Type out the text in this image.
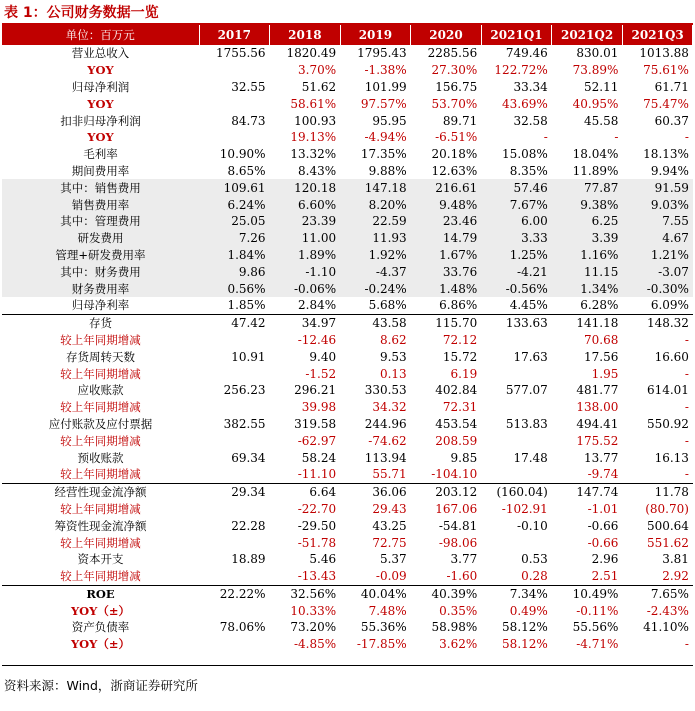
表 1：公司财务数据一览
单位：百万元	2017	2018	2019	2020	2021Q1	2021Q2	2021Q3
营业总收入	1755.56	1820.49	1795.43	2285.56	749.46	830.01	1013.88
YOY		3.70%	-1.38%	27.30%	122.72%	73.89%	75.61%
归母净利润	32.55	51.62	101.99	156.75	33.34	52.11	61.71
YOY		58.61%	97.57%	53.70%	43.69%	40.95%	75.47%
扣非归母净利润	84.73	100.93	95.95	89.71	32.58	45.58	60.37
YOY		19.13%	-4.94%	-6.51%	-	-	-
毛利率	10.90%	13.32%	17.35%	20.18%	15.08%	18.04%	18.13%
期间费用率	8.65%	8.43%	9.88%	12.63%	8.35%	11.89%	9.94%
其中：销售费用	109.61	120.18	147.18	216.61	57.46	77.87	91.59
销售费用率	6.24%	6.60%	8.20%	9.48%	7.67%	9.38%	9.03%
其中：管理费用	25.05	23.39	22.59	23.46	6.00	6.25	7.55
研发费用	7.26	11.00	11.93	14.79	3.33	3.39	4.67
管理+研发费用率	1.84%	1.89%	1.92%	1.67%	1.25%	1.16%	1.21%
其中：财务费用	9.86	-1.10	-4.37	33.76	-4.21	11.15	-3.07
财务费用率	0.56%	-0.06%	-0.24%	1.48%	-0.56%	1.34%	-0.30%
归母净利率	1.85%	2.84%	5.68%	6.86%	4.45%	6.28%	6.09%
存货	47.42	34.97	43.58	115.70	133.63	141.18	148.32
较上年同期增减		-12.46	8.62	72.12		70.68	-
存货周转天数	10.91	9.40	9.53	15.72	17.63	17.56	16.60
较上年同期增减		-1.52	0.13	6.19		1.95	-
应收账款	256.23	296.21	330.53	402.84	577.07	481.77	614.01
较上年同期增减		39.98	34.32	72.31		138.00	-
应付账款及应付票据	382.55	319.58	244.96	453.54	513.83	494.41	550.92
较上年同期增减		-62.97	-74.62	208.59		175.52	-
预收账款	69.34	58.24	113.94	9.85	17.48	13.77	16.13
较上年同期增减		-11.10	55.71	-104.10		-9.74	-
经营性现金流净额	29.34	6.64	36.06	203.12	(160.04)	147.74	11.78
较上年同期增减		-22.70	29.43	167.06	-102.91	-1.01	(80.70)
筹资性现金流净额	22.28	-29.50	43.25	-54.81	-0.10	-0.66	500.64
较上年同期增减		-51.78	72.75	-98.06		-0.66	551.62
资本开支	18.89	5.46	5.37	3.77	0.53	2.96	3.81
较上年同期增减		-13.43	-0.09	-1.60	0.28	2.51	2.92
ROE	22.22%	32.56%	40.04%	40.39%	7.34%	10.49%	7.65%
YOY（±）		10.33%	7.48%	0.35%	0.49%	-0.11%	-2.43%
资产负债率	78.06%	73.20%	55.36%	58.98%	58.12%	55.56%	41.10%
YOY（±）		-4.85%	-17.85%	3.62%	58.12%	-4.71%	-
资料来源：Wind，浙商证券研究所
